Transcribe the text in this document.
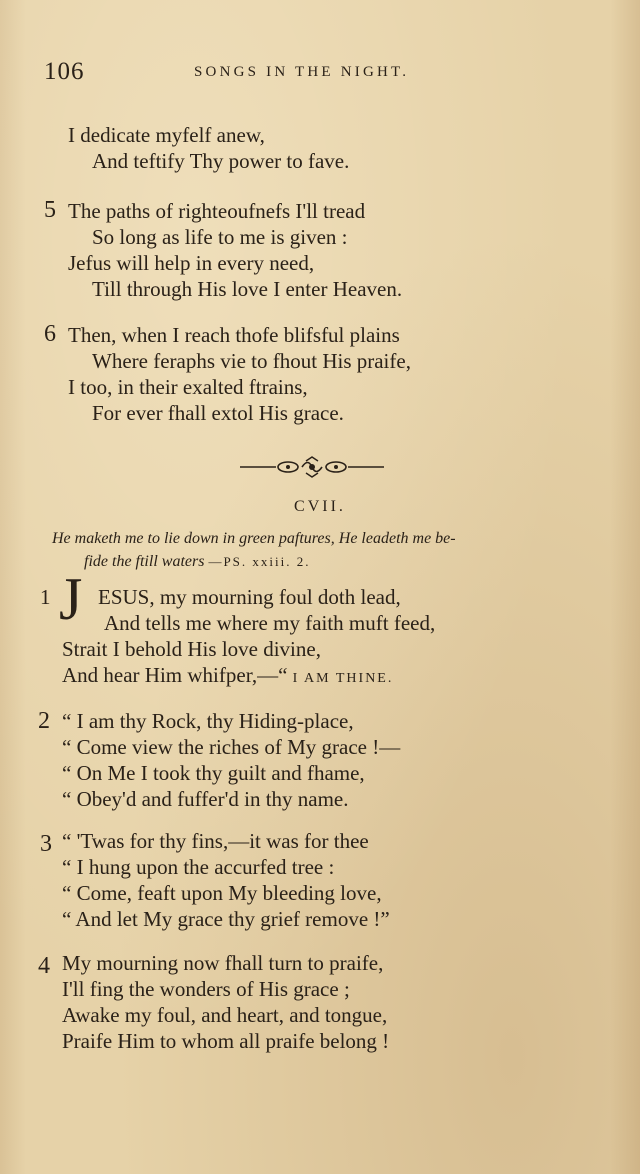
106	SONGS IN THE NIGHT.
I dedicate myfelf anew,
And teftify Thy power to fave.
5 The paths of righteoufnefs I'll tread
So long as life to me is given :
Jefus will help in every need,
Till through His love I enter Heaven.
6 Then, when I reach thofe blifsful plains
Where feraphs vie to fhout His praife,
I too, in their exalted ftrains,
For ever fhall extol His grace.
CVII.
He maketh me to lie down in green paftures, He leadeth me be-
fide the ftill waters —PS. xxiii. 2.
1 J ESUS, my mourning foul doth lead,
And tells me where my faith muft feed,
Strait I behold His love divine,
And hear Him whifper,—“ I AM THINE.
2 “ I am thy Rock, thy Hiding-place,
“ Come view the riches of My grace !—
“ On Me I took thy guilt and fhame,
“ Obey'd and fuffer'd in thy name.
3 “ 'Twas for thy fins,—it was for thee
“ I hung upon the accurfed tree :
“ Come, feaft upon My bleeding love,
“ And let My grace thy grief remove !”
4 My mourning now fhall turn to praife,
I'll fing the wonders of His grace ;
Awake my foul, and heart, and tongue,
Praife Him to whom all praife belong !
